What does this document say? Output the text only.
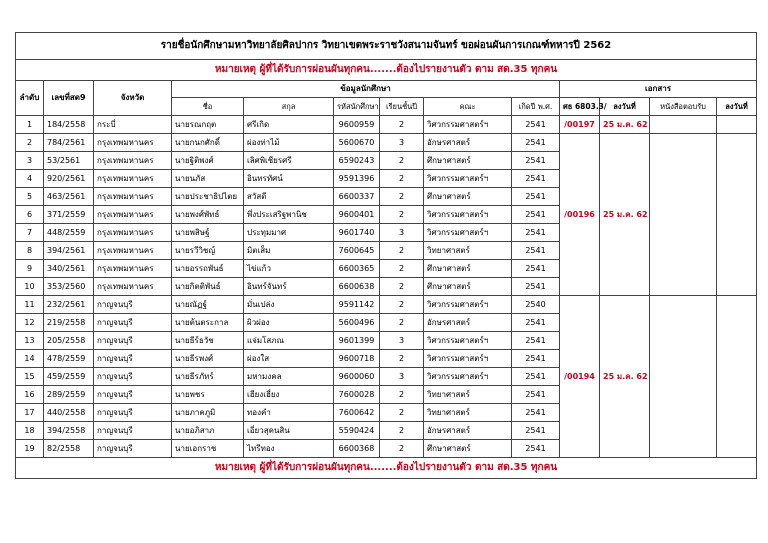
รายชื่อนักศึกษามหาวิทยาลัยศิลปากร วิทยาเขตพระราชวังสนามจันทร์ ขอผ่อนผันการเกณฑ์ทหารปี 2562												
หมายเหตุ ผู้ที่ได้รับการผ่อนผันทุกคน.......ต้องไปรายงานตัว ตาม สด.35 ทุกคน												
ลำดับ	เลขที่สด9	จังหวัด	ข้อมูลนักศึกษา						เอกสาร			
			ชื่อ	สกุล	รหัสนักศึกษา	เรียนชั้นปี	คณะ	เกิดปี พ.ศ.	ศธ 6803.3/	ลงวันที่	หนังสือตอบรับ	ลงวันที่
1	184/2558	กระบี่	นายรณกฤต	ศรีเกิด	9600959	2	วิศวกรรมศาสตร์ฯ	2541	/00197	25 ม.ค. 62		
2	784/2561	กรุงเทพมหานคร	นายกนกศักดิ์	ผ่องท่าไม้	5600670	3	อักษรศาสตร์	2541	/00196	25 ม.ค. 62		
3	53/2561	กรุงเทพมหานคร	นายฐิติพงศ์	เลิศพิเชียรศรี	6590243	2	ศึกษาศาสตร์	2541				
4	920/2561	กรุงเทพมหานคร	นายนภัส	อินทรทัศน์	9591396	2	วิศวกรรมศาสตร์ฯ	2541				
5	463/2561	กรุงเทพมหานคร	นายประชาธิปไตย	สวัสดี	6600337	2	ศึกษาศาสตร์	2541				
6	371/2559	กรุงเทพมหานคร	นายพงศ์พัทธ์	พึ่งประเสริฐพานิช	9600401	2	วิศวกรรมศาสตร์ฯ	2541				
7	448/2559	กรุงเทพมหานคร	นายพสิษฐ์	ประทุมมาศ	9601740	3	วิศวกรรมศาสตร์ฯ	2541				
8	394/2561	กรุงเทพมหานคร	นายรวีวิชญ์	มิตเส็ม	7600645	2	วิทยาศาสตร์	2541				
9	340/2561	กรุงเทพมหานคร	นายอรรถพันธ์	ไข่แก้ว	6600365	2	ศึกษาศาสตร์	2541				
10	353/2560	กรุงเทพมหานคร	นายกิตติพันธ์	อินทร์จันทร์	6600638	2	ศึกษาศาสตร์	2541				
11	232/2561	กาญจนบุรี	นายณัฏฐ์	มั่นเปล่ง	9591142	2	วิศวกรรมศาสตร์ฯ	2540	/00194	25 ม.ค. 62		
12	219/2558	กาญจนบุรี	นายต้นตระกาล	ผิวผ่อง	5600496	2	อักษรศาสตร์	2541				
13	205/2558	กาญจนบุรี	นายธีร์ธวัช	แจ่มโสภณ	9601399	3	วิศวกรรมศาสตร์ฯ	2541				
14	478/2559	กาญจนบุรี	นายธีรพงศ์	ผ่องใส	9600718	2	วิศวกรรมศาสตร์ฯ	2541				
15	459/2559	กาญจนบุรี	นายธีรภัทร์	มหามงคล	9600060	3	วิศวกรรมศาสตร์ฯ	2541				
16	289/2559	กาญจนบุรี	นายพชร	เฮียงเฮี่ยง	7600028	2	วิทยาศาสตร์	2541				
17	440/2558	กาญจนบุรี	นายภาคภูมิ	ทองคำ	7600642	2	วิทยาศาสตร์	2541				
18	394/2558	กาญจนบุรี	นายอภิสาภ	เอี่ยวสุคนสิน	5590424	2	อักษรศาสตร์	2541				
19	82/2558	กาญจนบุรี	นายเอกราช	ไทรีทอง	6600368	2	ศึกษาศาสตร์	2541				
หมายเหตุ ผู้ที่ได้รับการผ่อนผันทุกคน.......ต้องไปรายงานตัว ตาม สด.35 ทุกคน												
